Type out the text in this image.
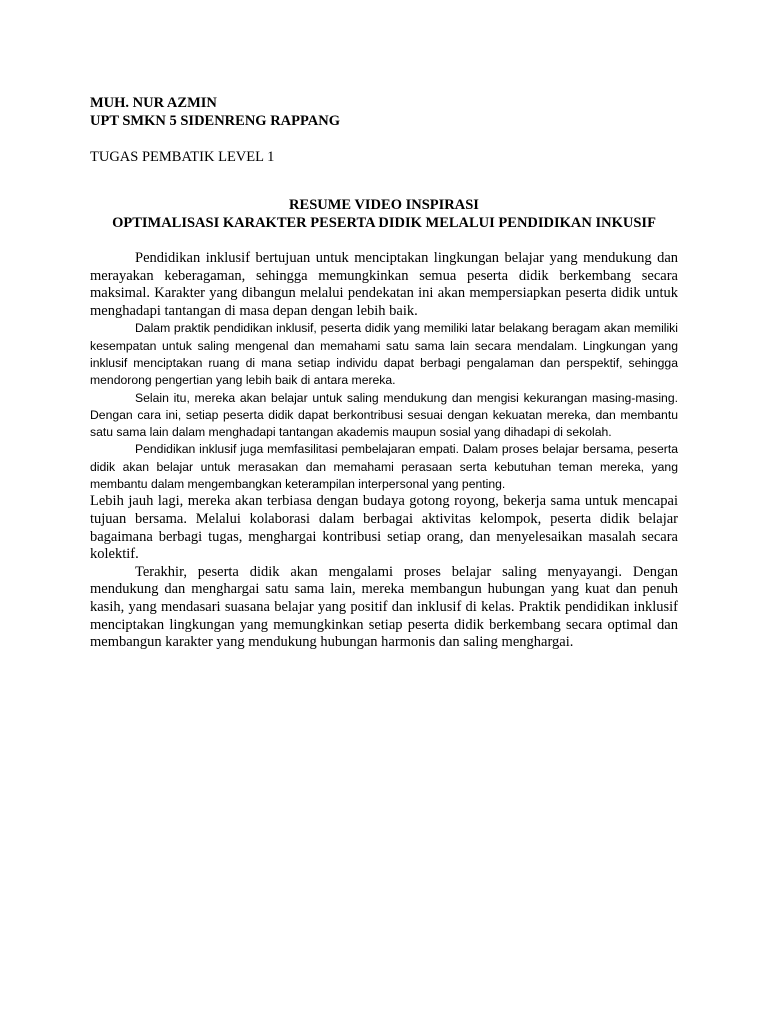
MUH. NUR AZMIN
UPT SMKN 5 SIDENRENG RAPPANG
TUGAS PEMBATIK LEVEL 1
RESUME VIDEO INSPIRASI
OPTIMALISASI KARAKTER PESERTA DIDIK MELALUI PENDIDIKAN INKUSIF

Pendidikan inklusif bertujuan untuk menciptakan lingkungan belajar yang mendukung dan merayakan keberagaman, sehingga memungkinkan semua peserta didik berkembang secara maksimal. Karakter yang dibangun melalui pendekatan ini akan mempersiapkan peserta didik untuk menghadapi tantangan di masa depan dengan lebih baik.

Dalam praktik pendidikan inklusif, peserta didik yang memiliki latar belakang beragam akan memiliki kesempatan untuk saling mengenal dan memahami satu sama lain secara mendalam. Lingkungan yang inklusif menciptakan ruang di mana setiap individu dapat berbagi pengalaman dan perspektif, sehingga mendorong pengertian yang lebih baik di antara mereka.

Selain itu, mereka akan belajar untuk saling mendukung dan mengisi kekurangan masing-masing. Dengan cara ini, setiap peserta didik dapat berkontribusi sesuai dengan kekuatan mereka, dan membantu satu sama lain dalam menghadapi tantangan akademis maupun sosial yang dihadapi di sekolah.

Pendidikan inklusif juga memfasilitasi pembelajaran empati. Dalam proses belajar bersama, peserta didik akan belajar untuk merasakan dan memahami perasaan serta kebutuhan teman mereka, yang membantu dalam mengembangkan keterampilan interpersonal yang penting.

Lebih jauh lagi, mereka akan terbiasa dengan budaya gotong royong, bekerja sama untuk mencapai tujuan bersama. Melalui kolaborasi dalam berbagai aktivitas kelompok, peserta didik belajar bagaimana berbagi tugas, menghargai kontribusi setiap orang, dan menyelesaikan masalah secara kolektif.

Terakhir, peserta didik akan mengalami proses belajar saling menyayangi. Dengan mendukung dan menghargai satu sama lain, mereka membangun hubungan yang kuat dan penuh kasih, yang mendasari suasana belajar yang positif dan inklusif di kelas. Praktik pendidikan inklusif menciptakan lingkungan yang memungkinkan setiap peserta didik berkembang secara optimal dan membangun karakter yang mendukung hubungan harmonis dan saling menghargai.
